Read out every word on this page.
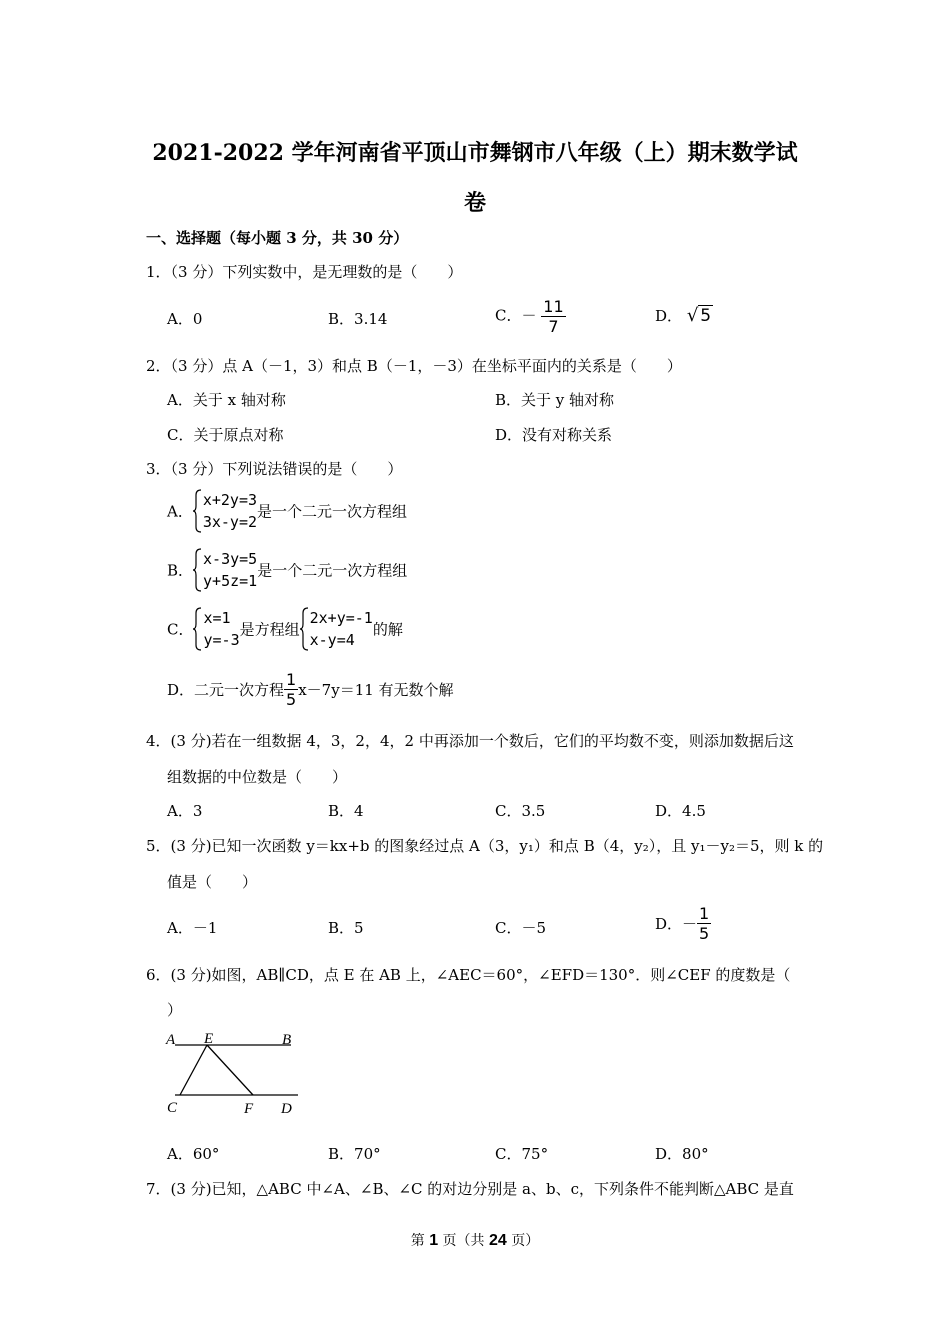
2021-2022 学年河南省平顶山市舞钢市八年级（上）期末数学试
卷
一、选择题（每小题 3 分，共 30 分）
1．（3 分）下列实数中，是无理数的是（　　）
A．0	B．3.14	C．－ $\frac{11}{7}$	D． √ 5
2．（3 分）点 A（－1，3）和点 B（－1，－3）在坐标平面内的关系是（　　）
A．关于 x 轴对称	B．关于 y 轴对称
C．关于原点对称	D．没有对称关系
3．（3 分）下列说法错误的是（　　）
A．
x+2y=3
3x-y=2
是一个二元一次方程组
B．
x-3y=5
y+5z=1
是一个二元一次方程组
C．
x=1
y=-3
是方程组
2x+y=-1
x-y=4
的解
D．二元一次方程 $\frac{1}{5} x-7y=11$ 有无数个解
4．(3 分)若在一组数据 4，3，2，4，2 中再添加一个数后，它们的平均数不变，则添加数据后这
组数据的中位数是（　　）
A．3	B．4	C．3.5	D．4.5
5．(3 分)已知一次函数 y＝kx+b 的图象经过点 A（3，y₁）和点 B（4，y₂），且 y₁－y₂＝5，则 k 的
值是（　　）
A．－1	B．5	C．－5	D．－ $\frac{1}{5}$
6．(3 分)如图，AB∥CD，点 E 在 AB 上，∠AEC＝60°，∠EFD＝130°．则∠CEF 的度数是（
）
A E	B
C	F D
A．60°	B．70°	C．75°	D．80°
7．(3 分)已知，△ABC 中∠A、∠B、∠C 的对边分别是 a、b、c，下列条件不能判断△ABC 是直
第 1 页（共 24 页）
